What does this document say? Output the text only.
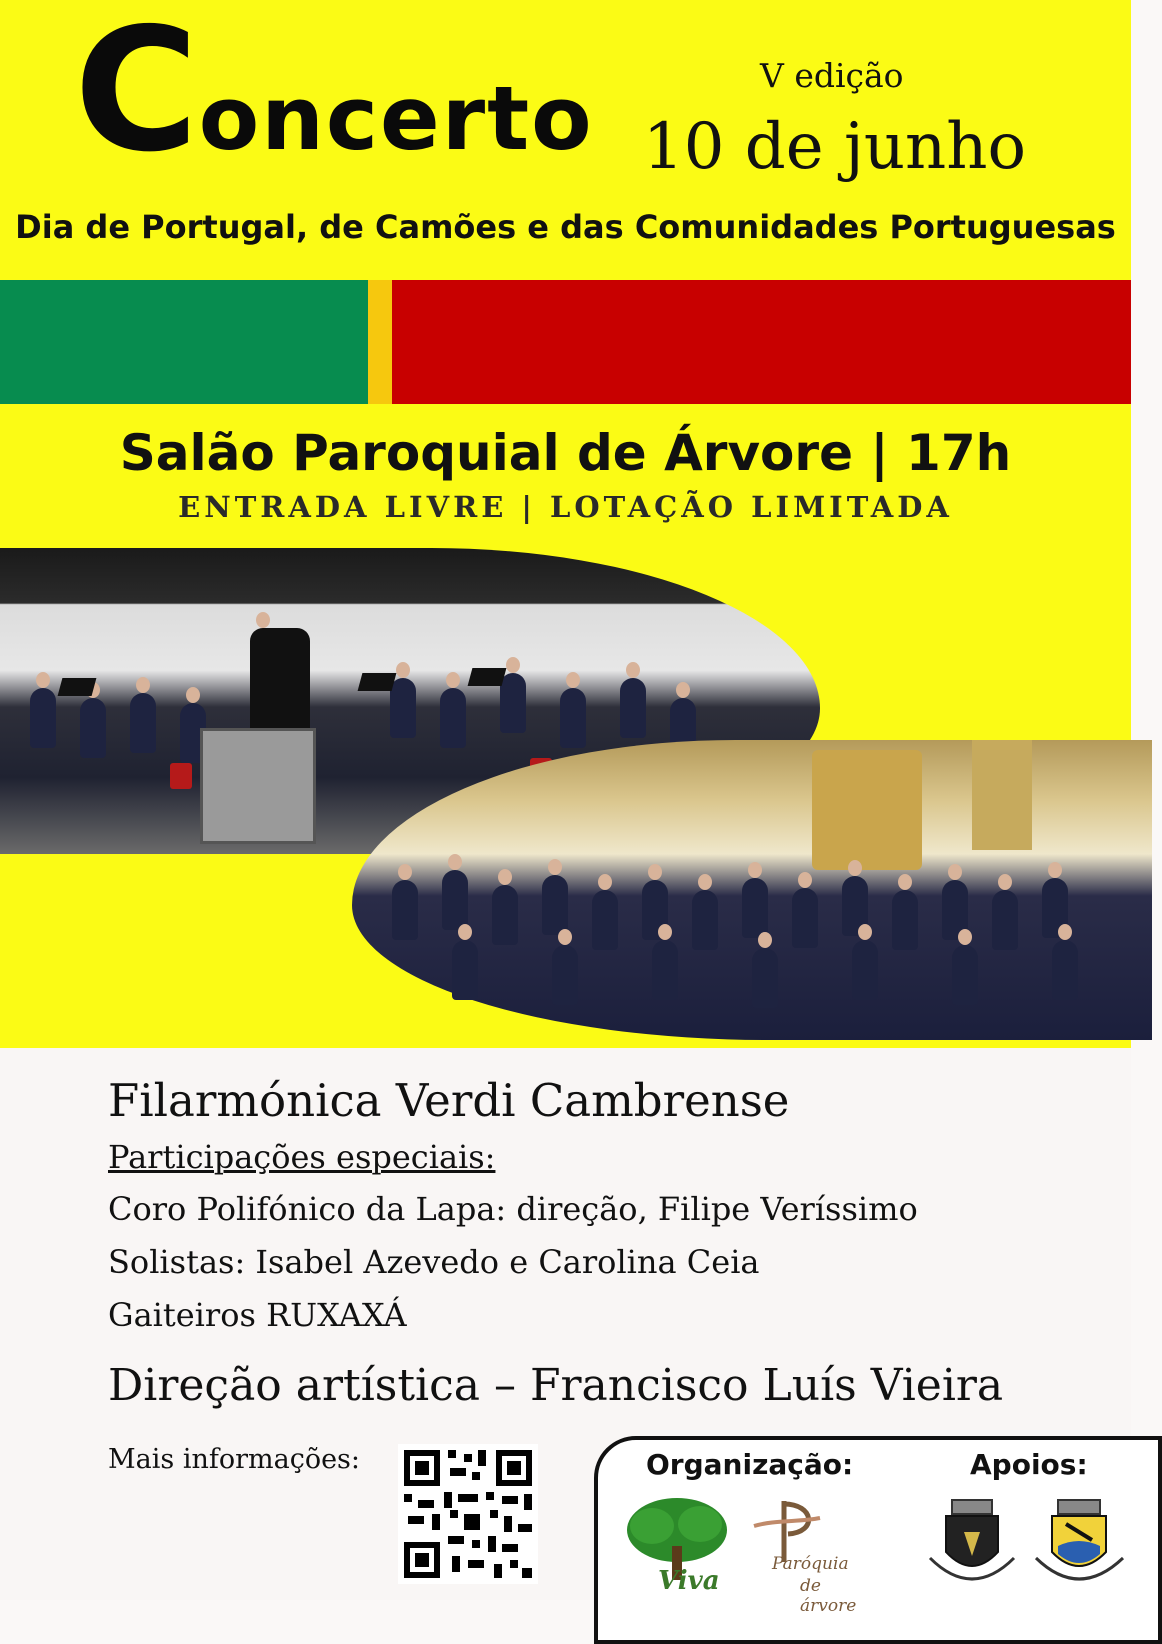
Concerto	V edição
10 de junho
Dia de Portugal, de Camões e das Comunidades Portuguesas
Salão Paroquial de Árvore | 17h
ENTRADA LIVRE | LOTAÇÃO LIMITADA
Filarmónica Verdi Cambrense
Participações especiais:
Coro Polifónico da Lapa: direção, Filipe Veríssimo
Solistas: Isabel Azevedo e Carolina Ceia
Gaiteiros RUXAXÁ
Direção artística – Francisco Luís Vieira
Mais informações:	Organização:	Apoios:
Viva
Paróquia
de árvore
